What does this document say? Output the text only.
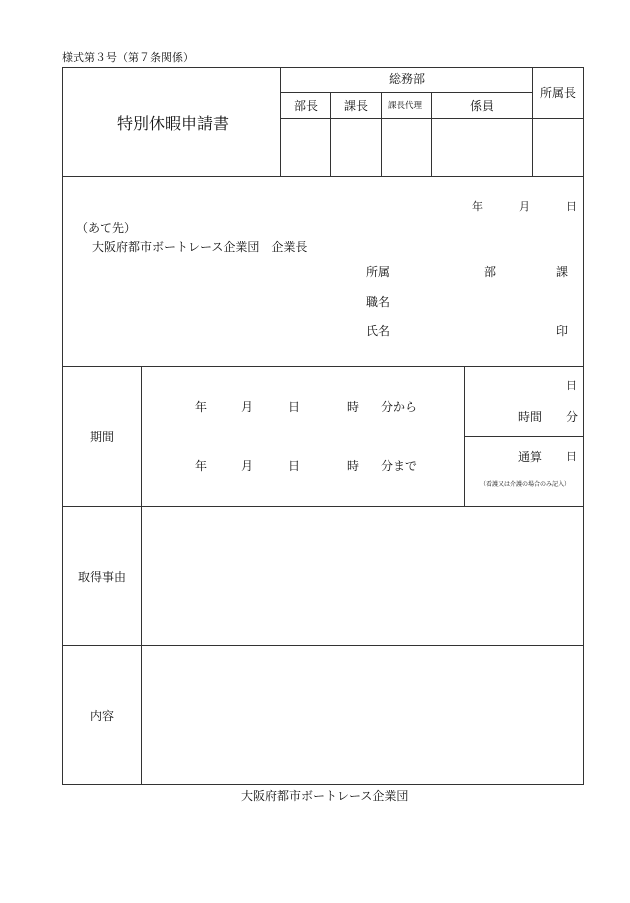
様式第３号（第７条関係）
特別休暇申請書
総務部
所属長
部長 課長 課長代理	係員
年	月	日
（あて先）
大阪府都市ボートレース企業団　企業長
所属	部	課
職名
氏名	印
期間
年	月	日	時 分から
年	月	日	時 分まで
日
時間 分
通算 日
（看護又は介護の場合のみ記入）
取得事由
内容
大阪府都市ボートレース企業団
